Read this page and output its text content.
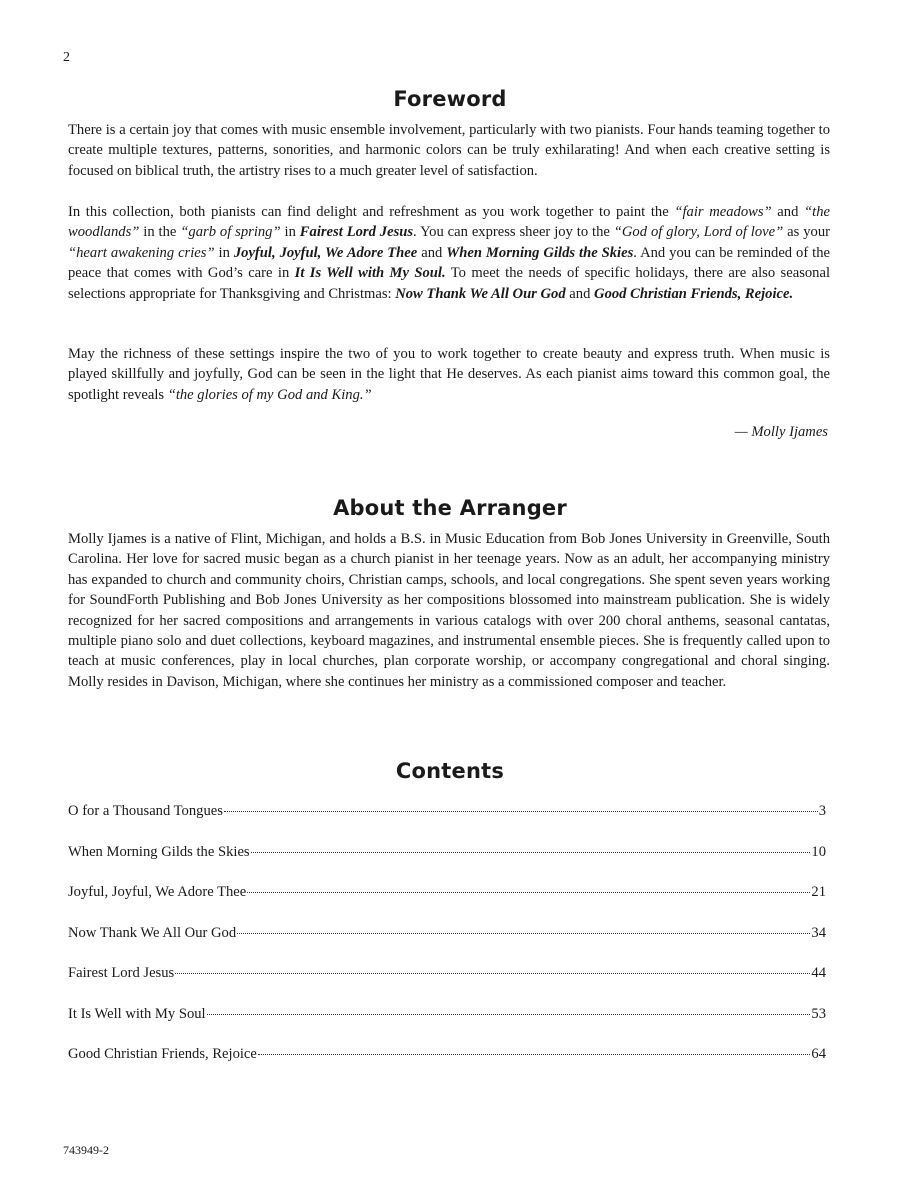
2
Foreword

There is a certain joy that comes with music ensemble involvement, particularly with two pianists. Four hands teaming together to create multiple textures, patterns, sonorities, and harmonic colors can be truly exhilarating! And when each creative setting is focused on biblical truth, the artistry rises to a much greater level of satisfaction.

In this collection, both pianists can find delight and refreshment as you work together to paint the “fair meadows” and “the woodlands” in the “garb of spring” in Fairest Lord Jesus. You can express sheer joy to the “God of glory, Lord of love” as your “heart awakening cries” in Joyful, Joyful, We Adore Thee and When Morning Gilds the Skies. And you can be reminded of the peace that comes with God’s care in It Is Well with My Soul. To meet the needs of specific holidays, there are also seasonal selections appropriate for Thanksgiving and Christmas: Now Thank We All Our God and Good Christian Friends, Rejoice.

May the richness of these settings inspire the two of you to work together to create beauty and express truth. When music is played skillfully and joyfully, God can be seen in the light that He deserves. As each pianist aims toward this common goal, the spotlight reveals “the glories of my God and King.”

— Molly Ijames
About the Arranger

Molly Ijames is a native of Flint, Michigan, and holds a B.S. in Music Education from Bob Jones University in Greenville, South Carolina. Her love for sacred music began as a church pianist in her teenage years. Now as an adult, her accompanying ministry has expanded to church and community choirs, Christian camps, schools, and local congregations. She spent seven years working for SoundForth Publishing and Bob Jones University as her compositions blossomed into mainstream publication. She is widely recognized for her sacred compositions and arrangements in various catalogs with over 200 choral anthems, seasonal cantatas, multiple piano solo and duet collections, keyboard magazines, and instrumental ensemble pieces. She is frequently called upon to teach at music conferences, play in local churches, plan corporate worship, or accompany congregational and choral singing. Molly resides in Davison, Michigan, where she continues her ministry as a commissioned composer and teacher.

Contents
O for a Thousand Tongues	3
When Morning Gilds the Skies	10
Joyful, Joyful, We Adore Thee	21
Now Thank We All Our God	34
Fairest Lord Jesus	44
It Is Well with My Soul	53
Good Christian Friends, Rejoice	64
743949-2
